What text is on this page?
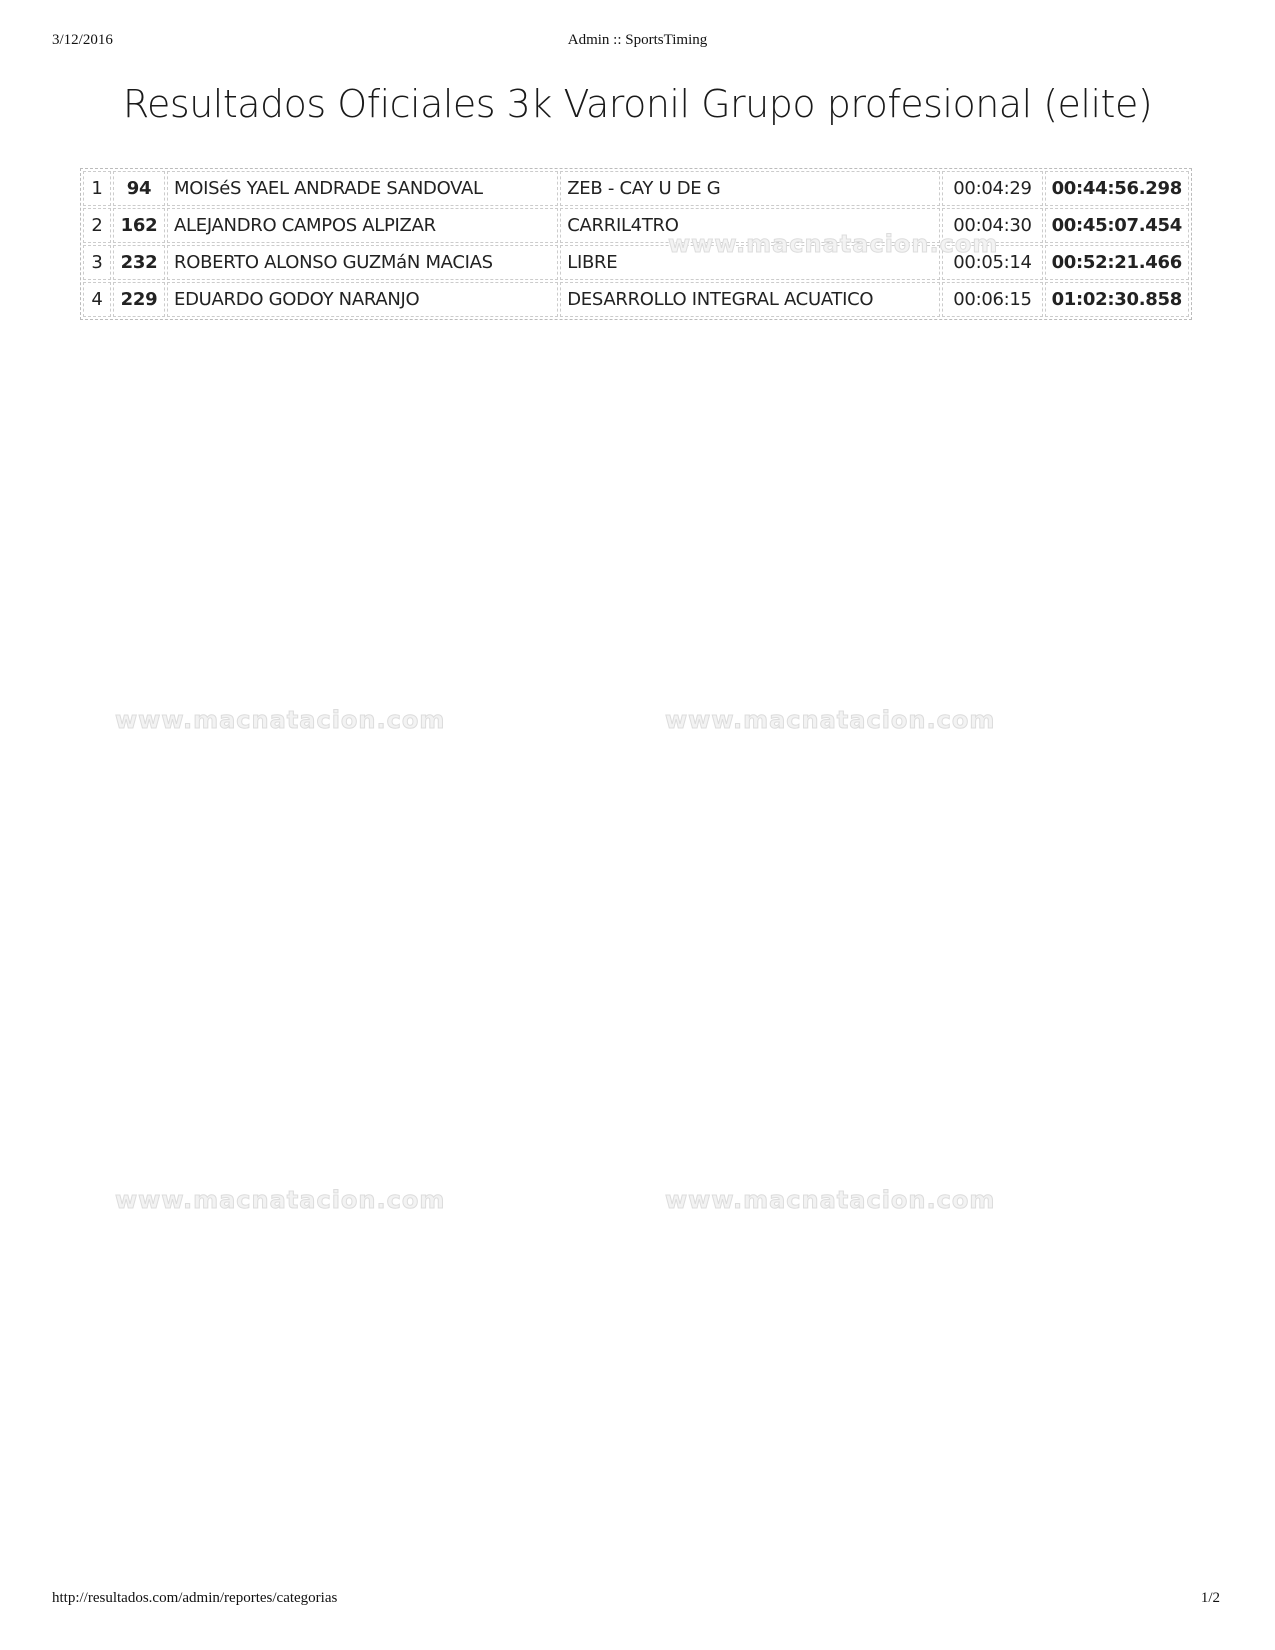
3/12/2016	Admin :: SportsTiming
Resultados Oficiales 3k Varonil Grupo profesional (elite)
1	94	MOISéS YAEL ANDRADE SANDOVAL	ZEB - CAY U DE G	00:04:29	00:44:56.298
2	162	ALEJANDRO CAMPOS ALPIZAR	CARRIL4TRO	00:04:30	00:45:07.454
3	232	ROBERTO ALONSO GUZMáN MACIAS	LIBRE	00:05:14	00:52:21.466
4	229	EDUARDO GODOY NARANJO	DESARROLLO INTEGRAL ACUATICO	00:06:15	01:02:30.858
www.macnatacion.com
www.macnatacion.com	www.macnatacion.com
www.macnatacion.com	www.macnatacion.com
http://resultados.com/admin/reportes/categorias	1/2
